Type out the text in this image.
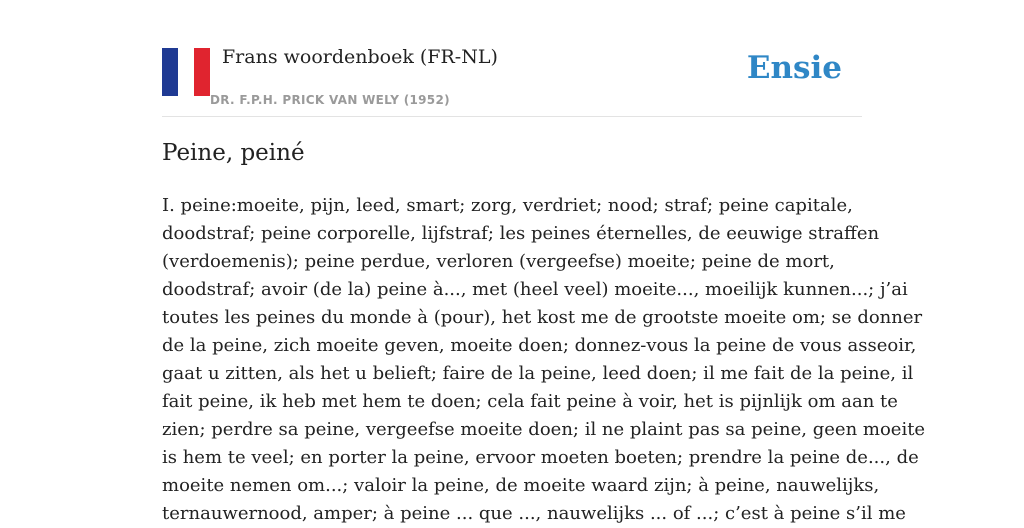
Frans woordenboek (FR-NL)
DR. F.P.H. PRICK VAN WELY (1952)
Ensie
Peine, peiné
I. peine:moeite, pijn, leed, smart; zorg, verdriet; nood; straf; peine capitale,
doodstraf; peine corporelle, lijfstraf; les peines éternelles, de eeuwige straffen
(verdoemenis); peine perdue, verloren (vergeefse) moeite; peine de mort,
doodstraf; avoir (de la) peine à..., met (heel veel) moeite..., moeilijk kunnen...; j’ai
toutes les peines du monde à (pour), het kost me de grootste moeite om; se donner
de la peine, zich moeite geven, moeite doen; donnez-vous la peine de vous asseoir,
gaat u zitten, als het u belieft; faire de la peine, leed doen; il me fait de la peine, il
fait peine, ik heb met hem te doen; cela fait peine à voir, het is pijnlijk om aan te
zien; perdre sa peine, vergeefse moeite doen; il ne plaint pas sa peine, geen moeite
is hem te veel; en porter la peine, ervoor moeten boeten; prendre la peine de..., de
moeite nemen om...; valoir la peine, de moeite waard zijn; à peine, nauwelijks,
ternauwernood, amper; à peine ... que ..., nauwelijks ... of ...; c’est à peine s’il me
